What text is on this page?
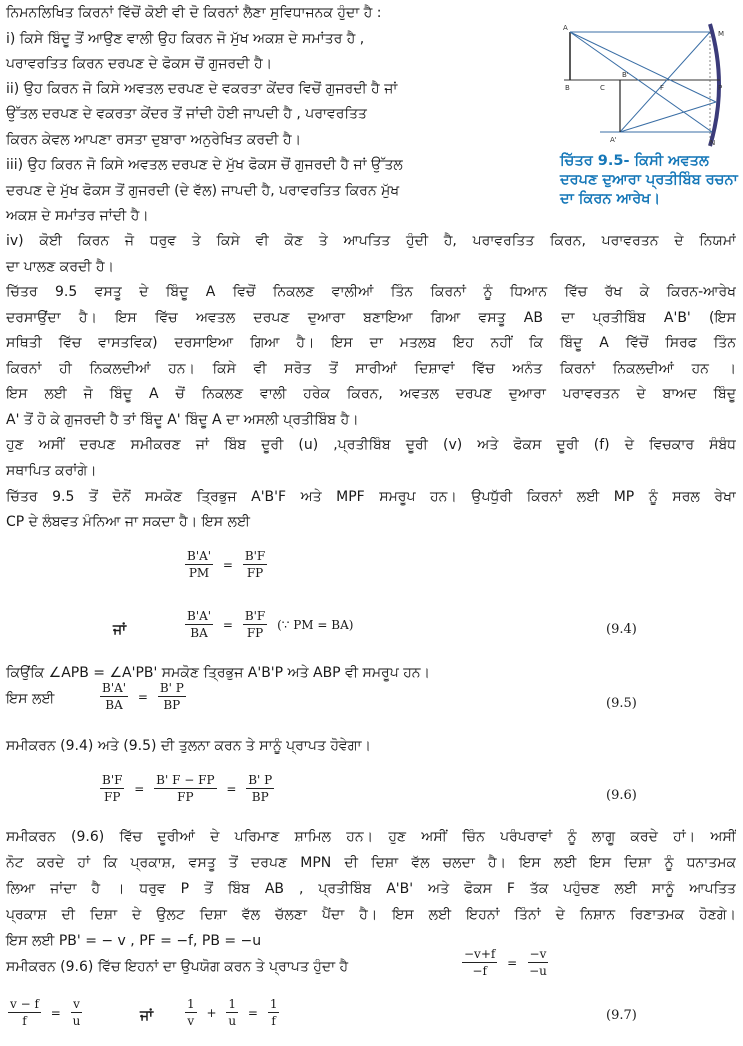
A
B	C	F	P
M
N
A'
B'
ਚਿੱਤਰ 9.5- ਕਿਸੀ ਅਵਤਲ ਦਰਪਣ ਦੁਆਰਾ ਪ੍ਰਤੀਬਿੰਬ ਰਚਨਾ ਦਾ ਕਿਰਨ ਆਰੇਖ।
ਨਿਮਨਲਿਖਿਤ ਕਿਰਨਾਂ ਵਿੱਚੋਂ ਕੋਈ ਵੀ ਦੋ ਕਿਰਨਾਂ ਲੈਣਾ ਸੁਵਿਧਾਜਨਕ ਹੁੰਦਾ ਹੈ :
i) ਕਿਸੇ ਬਿੰਦੂ ਤੋਂ ਆਉਣ ਵਾਲੀ ਉਹ ਕਿਰਨ ਜੋ ਮੁੱਖ ਅਕਸ਼ ਦੇ ਸਮਾਂਤਰ ਹੈ ,
ਪਰਾਵਰਤਿਤ ਕਿਰਨ ਦਰਪਣ ਦੇ ਫੋਕਸ ਚੋਂ ਗੁਜਰਦੀ ਹੈ।
ii) ਉਹ ਕਿਰਨ ਜੋ ਕਿਸੇ ਅਵਤਲ ਦਰਪਣ ਦੇ ਵਕਰਤਾ ਕੇਂਦਰ ਵਿਚੋਂ ਗੁਜਰਦੀ ਹੈ ਜਾਂ
ਉੱਤਲ ਦਰਪਣ ਦੇ ਵਕਰਤਾ ਕੇਂਦਰ ਤੋਂ ਜਾਂਦੀ ਹੋਈ ਜਾਪਦੀ ਹੈ , ਪਰਾਵਰਤਿਤ
ਕਿਰਨ ਕੇਵਲ ਆਪਣਾ ਰਸਤਾ ਦੁਬਾਰਾ ਅਨੁਰੇਖਿਤ ਕਰਦੀ ਹੈ।
iii) ਉਹ ਕਿਰਨ ਜੋ ਕਿਸੇ ਅਵਤਲ ਦਰਪਣ ਦੇ ਮੁੱਖ ਫੋਕਸ ਚੋਂ ਗੁਜਰਦੀ ਹੈ ਜਾਂ ਉੱਤਲ
ਦਰਪਣ ਦੇ ਮੁੱਖ ਫੋਕਸ ਤੋਂ ਗੁਜਰਦੀ (ਦੇ ਵੱਲ) ਜਾਪਦੀ ਹੈ, ਪਰਾਵਰਤਿਤ ਕਿਰਨ ਮੁੱਖ
ਅਕਸ਼ ਦੇ ਸਮਾਂਤਰ ਜਾਂਦੀ ਹੈ।
iv) ਕੋਈ ਕਿਰਨ ਜੋ ਧਰੁਵ ਤੇ ਕਿਸੇ ਵੀ ਕੋਣ ਤੇ ਆਪਤਿਤ ਹੁੰਦੀ ਹੈ, ਪਰਾਵਰਤਿਤ ਕਿਰਨ, ਪਰਾਵਰਤਨ ਦੇ ਨਿਯਮਾਂ
ਦਾ ਪਾਲਣ ਕਰਦੀ ਹੈ।
ਚਿੱਤਰ 9.5 ਵਸਤੂ ਦੇ ਬਿੰਦੂ A ਵਿਚੋਂ ਨਿਕਲਣ ਵਾਲੀਆਂ ਤਿੰਨ ਕਿਰਨਾਂ ਨੂੰ ਧਿਆਨ ਵਿੱਚ ਰੱਖ ਕੇ ਕਿਰਨ-ਆਰੇਖ
ਦਰਸਾਉਂਦਾ ਹੈ। ਇਸ ਵਿੱਚ ਅਵਤਲ ਦਰਪਣ ਦੁਆਰਾ ਬਣਾਇਆ ਗਿਆ ਵਸਤੂ AB ਦਾ ਪ੍ਰਤੀਬਿੰਬ A'B' (ਇਸ
ਸਥਿਤੀ ਵਿੱਚ ਵਾਸਤਵਿਕ) ਦਰਸਾਇਆ ਗਿਆ ਹੈ। ਇਸ ਦਾ ਮਤਲਬ ਇਹ ਨਹੀਂ ਕਿ ਬਿੰਦੂ A ਵਿੱਚੋਂ ਸਿਰਫ ਤਿੰਨ
ਕਿਰਨਾਂ ਹੀ ਨਿਕਲਦੀਆਂ ਹਨ। ਕਿਸੇ ਵੀ ਸਰੋਤ ਤੋਂ ਸਾਰੀਆਂ ਦਿਸ਼ਾਵਾਂ ਵਿੱਚ ਅਨੰਤ ਕਿਰਨਾਂ ਨਿਕਲਦੀਆਂ ਹਨ ।
ਇਸ ਲਈ ਜੋ ਬਿੰਦੂ A ਚੋਂ ਨਿਕਲਣ ਵਾਲੀ ਹਰੇਕ ਕਿਰਨ, ਅਵਤਲ ਦਰਪਣ ਦੁਆਰਾ ਪਰਾਵਰਤਨ ਦੇ ਬਾਅਦ ਬਿੰਦੂ
A' ਤੋਂ ਹੋ ਕੇ ਗੁਜਰਦੀ ਹੈ ਤਾਂ ਬਿੰਦੂ A' ਬਿੰਦੂ A ਦਾ ਅਸਲੀ ਪ੍ਰਤੀਬਿੰਬ ਹੈ।
ਹੁਣ ਅਸੀਂ ਦਰਪਣ ਸਮੀਕਰਣ ਜਾਂ ਬਿੰਬ ਦੂਰੀ (u) ,ਪ੍ਰਤੀਬਿੰਬ ਦੂਰੀ (v) ਅਤੇ ਫੋਕਸ ਦੂਰੀ (f) ਦੇ ਵਿਚਕਾਰ ਸੰਬੰਧ
ਸਥਾਪਿਤ ਕਰਾਂਗੇ।
ਚਿੱਤਰ 9.5 ਤੋਂ ਦੋਨੋਂ ਸਮਕੋਣ ਤ੍ਰਿਭੁਜ A'B'F ਅਤੇ MPF ਸਮਰੂਪ ਹਨ। ਉਪਧੁੱਰੀ ਕਿਰਨਾਂ ਲਈ MP ਨੂੰ ਸਰਲ ਰੇਖਾ
CP ਦੇ ਲੰਬਵਤ ਮੰਨਿਆ ਜਾ ਸਕਦਾ ਹੈ। ਇਸ ਲਈ
$\frac{B'A'}{PM} = \frac{B'F}{FP}$
ਜਾਂ	$\frac{B'A'}{BA} = \frac{B'F}{FP}$ (∵ PM = BA)	(9.4)
ਕਿਉਂਕਿ ∠APB = ∠A'PB' ਸਮਕੋਣ ਤ੍ਰਿਭੁਜ A'B'P ਅਤੇ ABP ਵੀ ਸਮਰੂਪ ਹਨ।
ਇਸ ਲਈ	$\frac{B'A'}{BA} = \frac{B' P}{BP}$	(9.5)
ਸਮੀਕਰਨ (9.4) ਅਤੇ (9.5) ਦੀ ਤੁਲਨਾ ਕਰਨ ਤੇ ਸਾਨੂੰ ਪ੍ਰਾਪਤ ਹੋਵੇਗਾ।
$\frac{B'F}{FP} = \frac{B' F - FP}{FP} = \frac{B' P}{BP}$	(9.6)
ਸਮੀਕਰਨ (9.6) ਵਿੱਚ ਦੂਰੀਆਂ ਦੇ ਪਰਿਮਾਣ ਸ਼ਾਮਿਲ ਹਨ। ਹੁਣ ਅਸੀਂ ਚਿੰਨ ਪਰੰਪਰਾਵਾਂ ਨੂੰ ਲਾਗੂ ਕਰਦੇ ਹਾਂ। ਅਸੀਂ
ਨੋਟ ਕਰਦੇ ਹਾਂ ਕਿ ਪ੍ਰਕਾਸ਼, ਵਸਤੂ ਤੋਂ ਦਰਪਣ MPN ਦੀ ਦਿਸ਼ਾ ਵੱਲ ਚਲਦਾ ਹੈ। ਇਸ ਲਈ ਇਸ ਦਿਸ਼ਾ ਨੂੰ ਧਨਾਤਮਕ
ਲਿਆ ਜਾਂਦਾ ਹੈ । ਧਰੁਵ P ਤੋਂ ਬਿੰਬ AB , ਪ੍ਰਤੀਬਿੰਬ A'B' ਅਤੇ ਫੋਕਸ F ਤੱਕ ਪਹੁੰਚਣ ਲਈ ਸਾਨੂੰ ਆਪਤਿਤ
ਪ੍ਰਕਾਸ਼ ਦੀ ਦਿਸ਼ਾ ਦੇ ਉਲਟ ਦਿਸ਼ਾ ਵੱਲ ਚੱਲਣਾ ਪੈਂਦਾ ਹੈ। ਇਸ ਲਈ ਇਹਨਾਂ ਤਿੰਨਾਂ ਦੇ ਨਿਸ਼ਾਨ ਰਿਣਾਤਮਕ ਹੋਣਗੇ।
ਇਸ ਲਈ PB' = − v , PF = −f, PB = −u
ਸਮੀਕਰਨ (9.6) ਵਿੱਚ ਇਹਨਾਂ ਦਾ ਉਪਯੋਗ ਕਰਨ ਤੇ ਪ੍ਰਾਪਤ ਹੁੰਦਾ ਹੈ	$\frac{-v+f}{-f} = \frac{-v}{-u}$
$\frac{v - f}{f} = \frac{v}{u}$	ਜਾਂ	$\frac{1}{v} + \frac{1}{u} = \frac{1}{f}$	(9.7)
